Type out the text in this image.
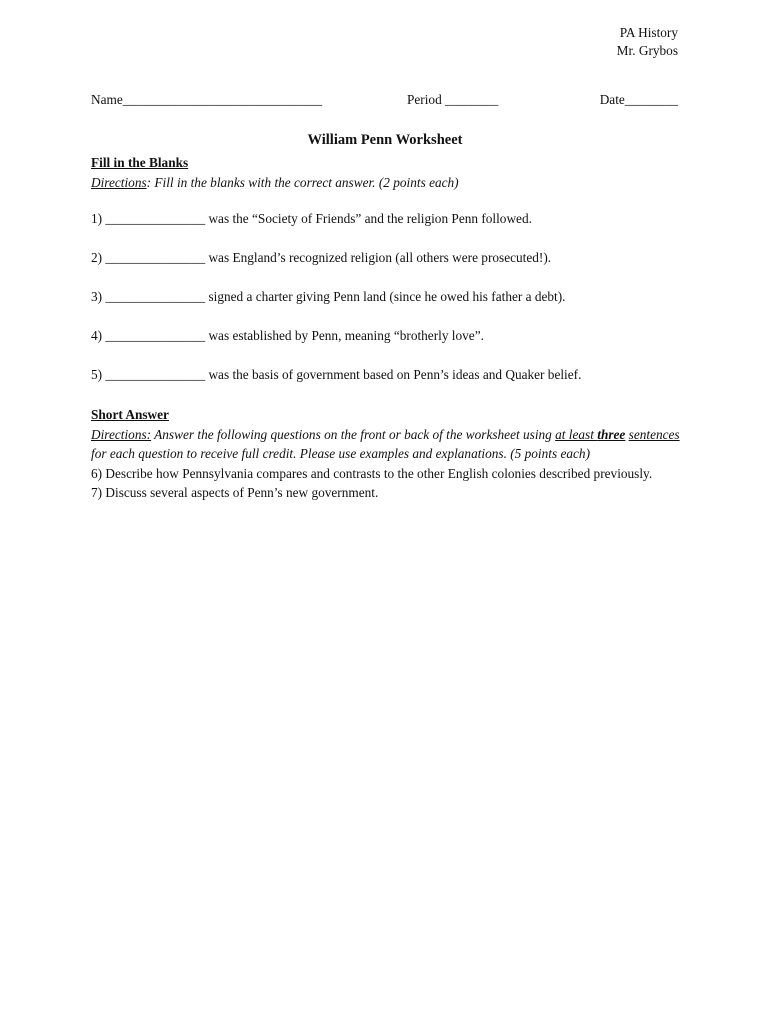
PA History
Mr. Grybos
Name______________________________	Period ________	Date________
William Penn Worksheet
Fill in the Blanks
Directions: Fill in the blanks with the correct answer. (2 points each)
1) _______________ was the “Society of Friends” and the religion Penn followed.
2) _______________ was England’s recognized religion (all others were prosecuted!).
3) _______________ signed a charter giving Penn land (since he owed his father a debt).
4) _______________ was established by Penn, meaning “brotherly love”.
5) _______________ was the basis of government based on Penn’s ideas and Quaker belief.
Short Answer
Directions: Answer the following questions on the front or back of the worksheet using at least three sentences for each question to receive full credit. Please use examples and explanations. (5 points each)
6) Describe how Pennsylvania compares and contrasts to the other English colonies described previously.
7) Discuss several aspects of Penn’s new government.
